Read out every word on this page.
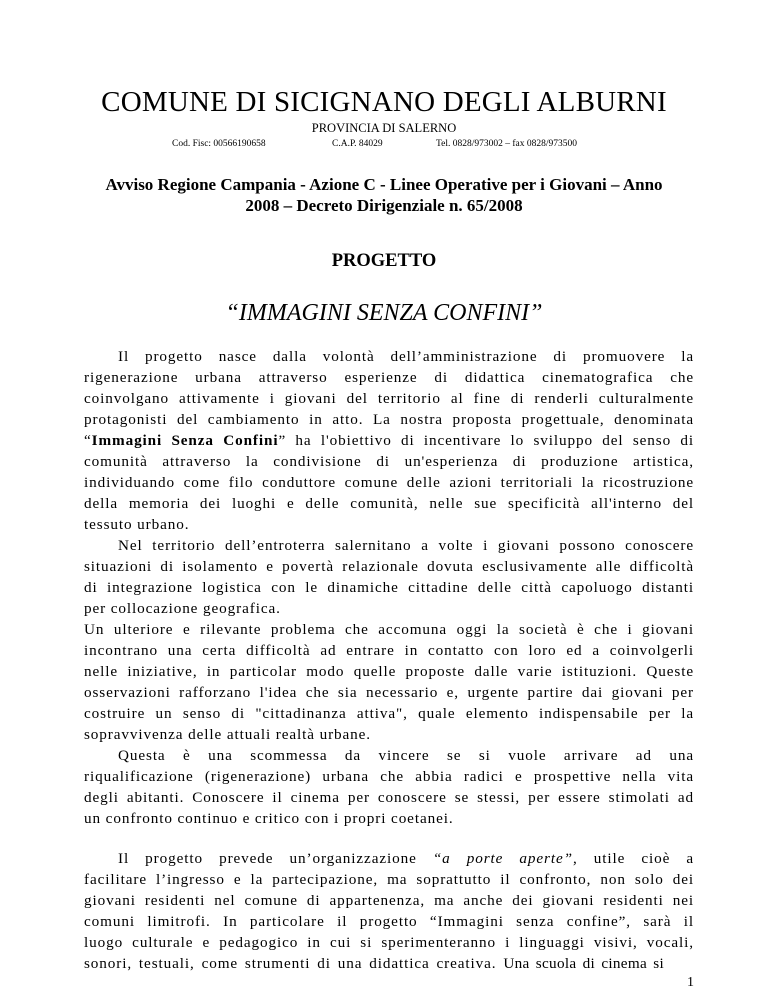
COMUNE DI SICIGNANO DEGLI ALBURNI
PROVINCIA DI SALERNO
Cod. Fisc: 00566190658	C.A.P. 84029	Tel. 0828/973002 – fax 0828/973500
Avviso Regione Campania - Azione C - Linee Operative per i Giovani – Anno
2008 – Decreto Dirigenziale n. 65/2008
PROGETTO
“IMMAGINI SENZA CONFINI”
Il progetto nasce dalla volontà dell’amministrazione di promuovere la
rigenerazione urbana attraverso esperienze di didattica cinematografica che
coinvolgano attivamente i giovani del territorio al fine di renderli culturalmente
protagonisti del cambiamento in atto. La nostra proposta progettuale, denominata
“Immagini Senza Confini” ha l'obiettivo di incentivare lo sviluppo del senso di
comunità attraverso la condivisione di un'esperienza di produzione artistica,
individuando come filo conduttore comune delle azioni territoriali la ricostruzione
della memoria dei luoghi e delle comunità, nelle sue specificità all'interno del
tessuto urbano.
Nel territorio dell’entroterra salernitano a volte i giovani possono conoscere
situazioni di isolamento e povertà relazionale dovuta esclusivamente alle difficoltà
di integrazione logistica con le dinamiche cittadine delle città capoluogo distanti
per collocazione geografica.
Un ulteriore e rilevante problema che accomuna oggi la società è che i giovani
incontrano una certa difficoltà ad entrare in contatto con loro ed a coinvolgerli
nelle iniziative, in particolar modo quelle proposte dalle varie istituzioni. Queste
osservazioni rafforzano l'idea che sia necessario e, urgente partire dai giovani per
costruire un senso di "cittadinanza attiva", quale elemento indispensabile per la
sopravvivenza delle attuali realtà urbane.
Questa è una scommessa da vincere se si vuole arrivare ad una
riqualificazione (rigenerazione) urbana che abbia radici e prospettive nella vita
degli abitanti. Conoscere il cinema per conoscere se stessi, per essere stimolati ad
un confronto continuo e critico con i propri coetanei.
Il progetto prevede un’organizzazione “a porte aperte”, utile cioè a
facilitare l’ingresso e la partecipazione, ma soprattutto il confronto, non solo dei
giovani residenti nel comune di appartenenza, ma anche dei giovani residenti nei
comuni limitrofi. In particolare il progetto “Immagini senza confine”, sarà il
luogo culturale e pedagogico in cui si sperimenteranno i linguaggi visivi, vocali,
sonori, testuali, come strumenti di una didattica creativa. Una scuola di cinema si
1
